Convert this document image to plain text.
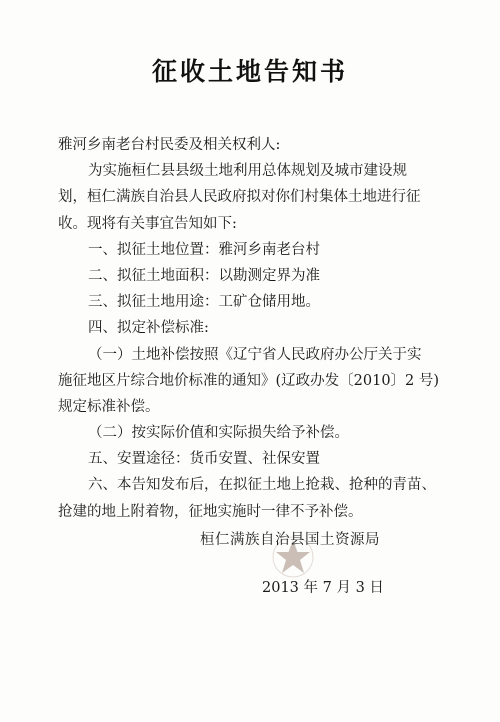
征收土地告知书
雅河乡南老台村民委及相关权利人:
为实施桓仁县县级土地利用总体规划及城市建设规
划，桓仁满族自治县人民政府拟对你们村集体土地进行征
收。现将有关事宜告知如下:
一、拟征土地位置：雅河乡南老台村
二、拟征土地面积：以勘测定界为准
三、拟征土地用途：工矿仓储用地。
四、拟定补偿标准:
（一）土地补偿按照《辽宁省人民政府办公厅关于实
施征地区片综合地价标准的通知》(辽政办发〔2010〕2 号)
规定标准补偿。
（二）按实际价值和实际损失给予补偿。
五、安置途径：货币安置、社保安置
六、本告知发布后，在拟征土地上抢栽、抢种的青苗、
抢建的地上附着物，征地实施时一律不予补偿。
桓仁满族自治县国土资源局
2013 年 7 月 3 日
